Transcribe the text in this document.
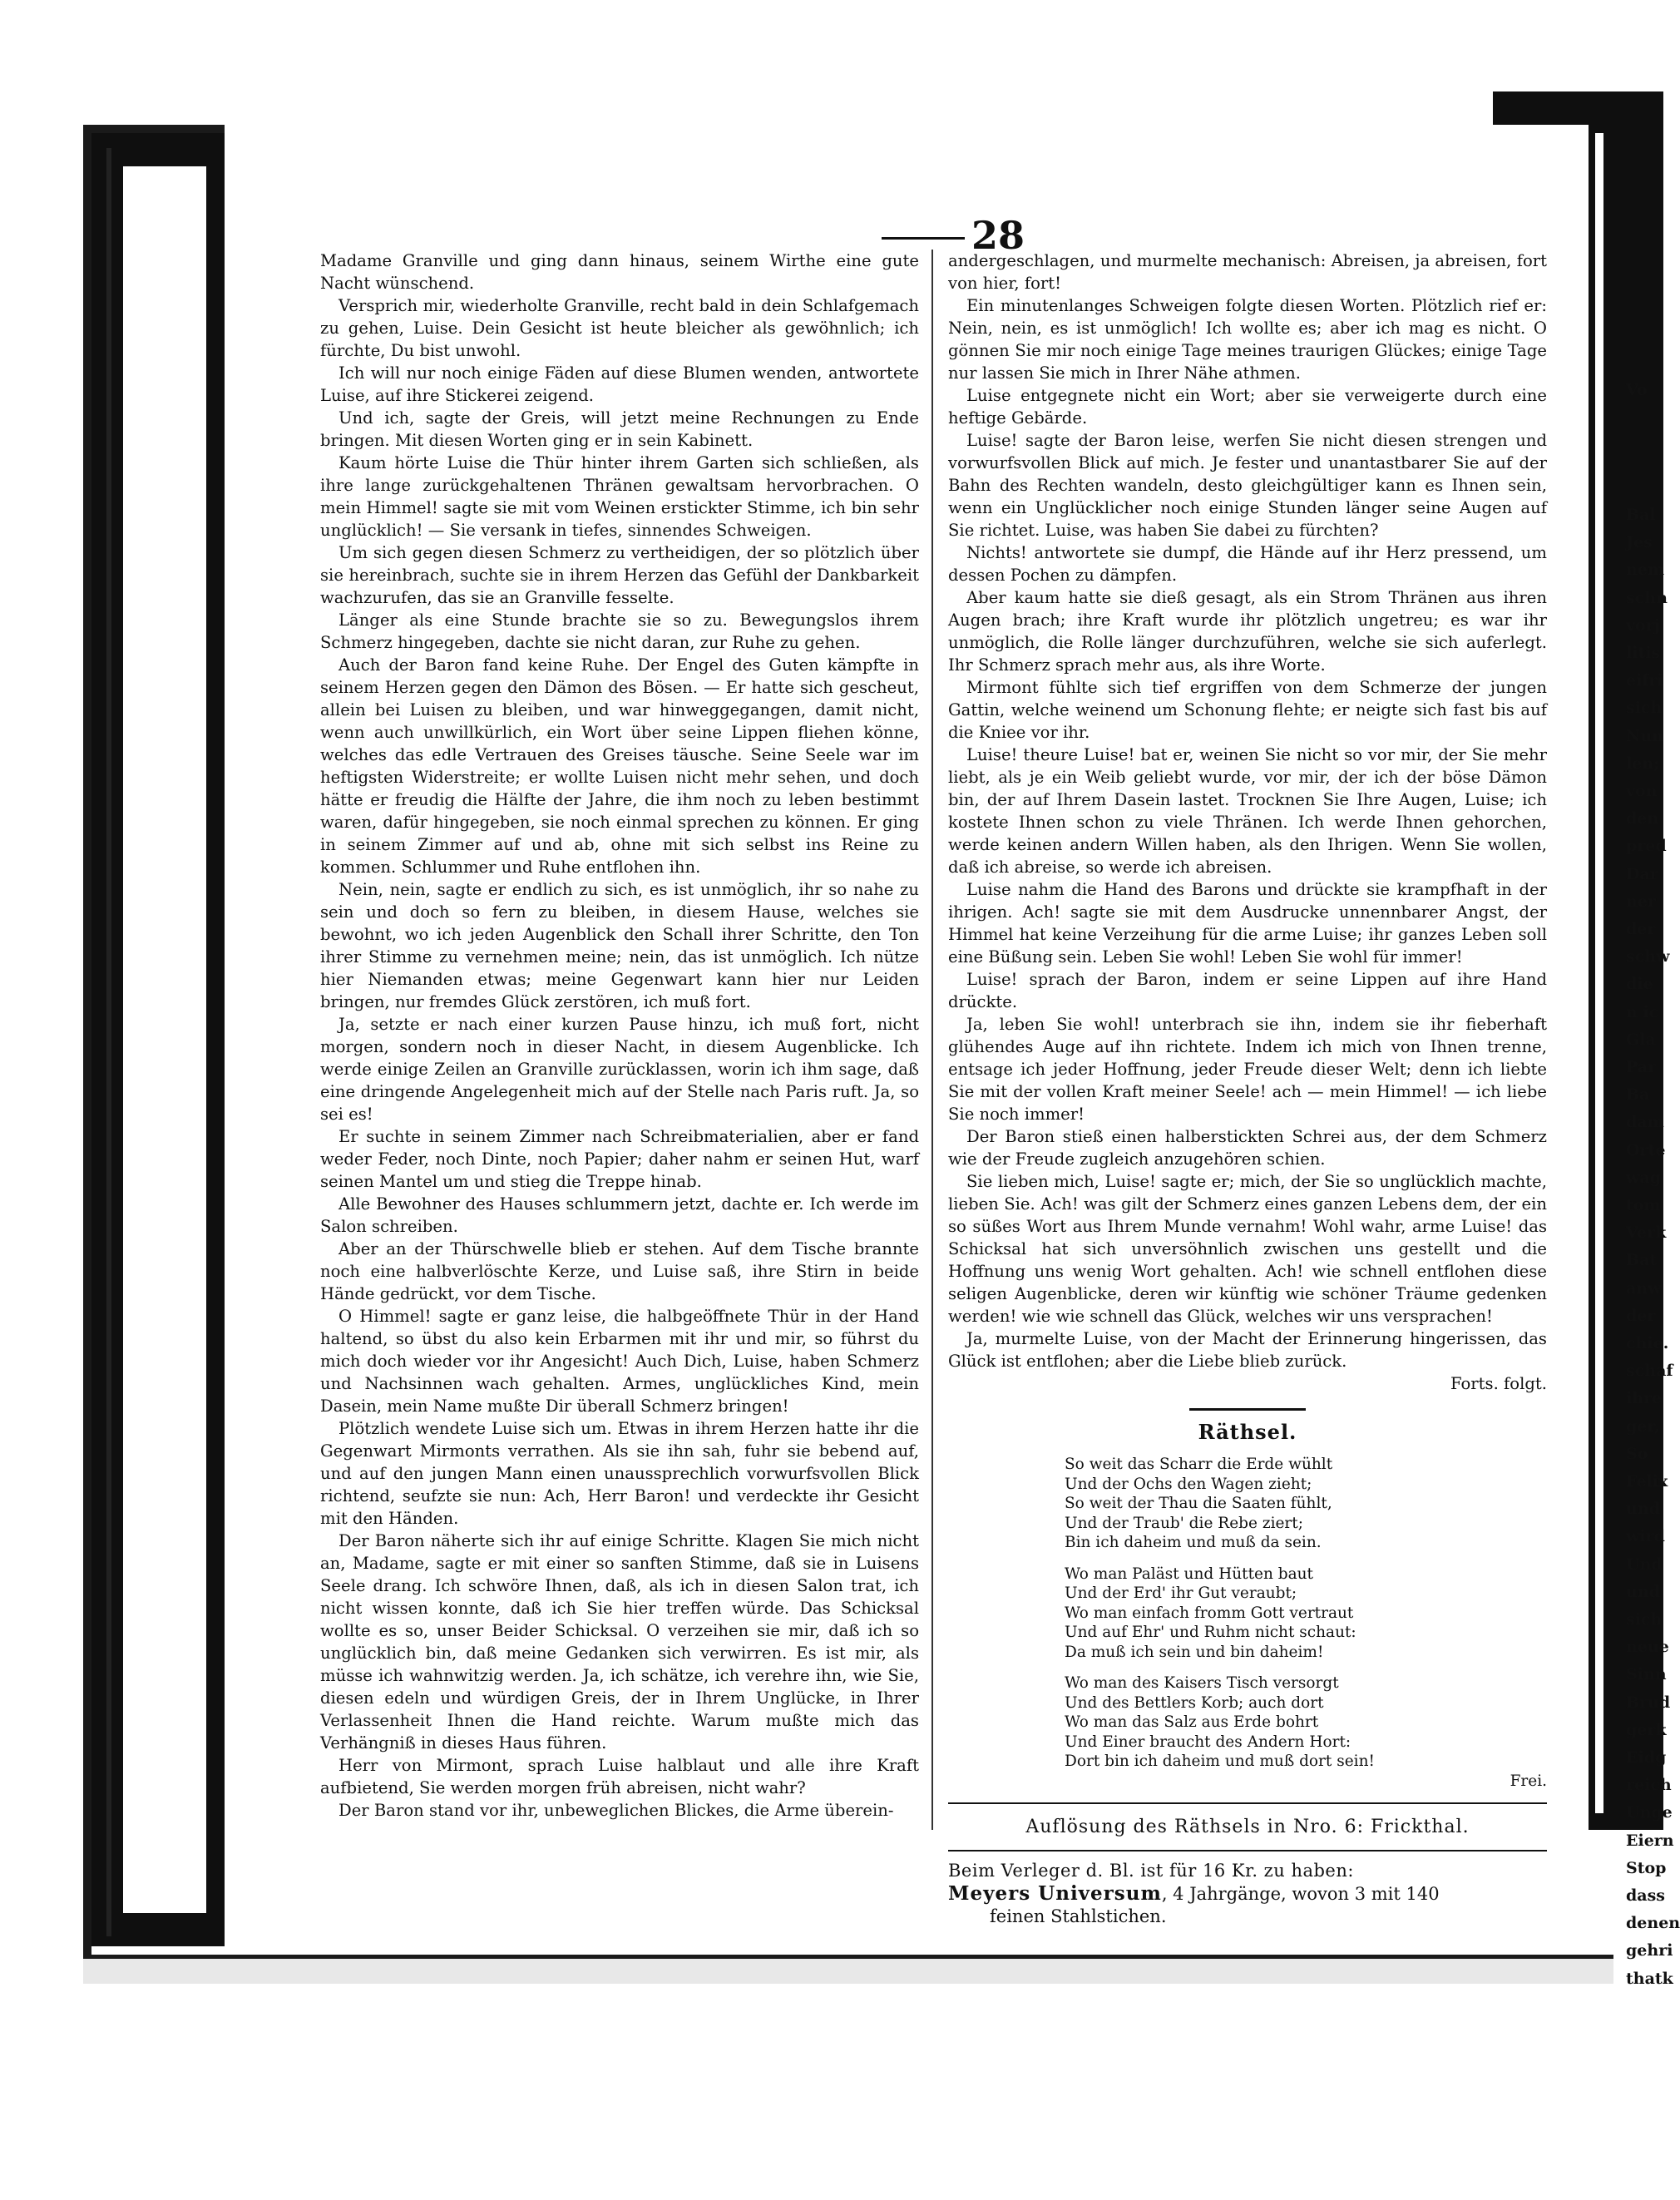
28

Madame Granville und ging dann hinaus, seinem Wirthe eine gute Nacht wünschend.

Versprich mir, wiederholte Granville, recht bald in dein Schlafgemach zu gehen, Luise. Dein Gesicht ist heute bleicher als gewöhnlich; ich fürchte, Du bist unwohl.

Ich will nur noch einige Fäden auf diese Blumen wenden, antwortete Luise, auf ihre Stickerei zeigend.

Und ich, sagte der Greis, will jetzt meine Rechnungen zu Ende bringen. Mit diesen Worten ging er in sein Kabinett.

Kaum hörte Luise die Thür hinter ihrem Garten sich schließen, als ihre lange zurückgehaltenen Thränen gewaltsam hervorbrachen. O mein Himmel! sagte sie mit vom Weinen erstickter Stimme, ich bin sehr unglücklich! — Sie versank in tiefes, sinnendes Schweigen.

Um sich gegen diesen Schmerz zu vertheidigen, der so plötzlich über sie hereinbrach, suchte sie in ihrem Herzen das Gefühl der Dankbarkeit wachzurufen, das sie an Granville fesselte.

Länger als eine Stunde brachte sie so zu. Bewegungslos ihrem Schmerz hingegeben, dachte sie nicht daran, zur Ruhe zu gehen.

Auch der Baron fand keine Ruhe. Der Engel des Guten kämpfte in seinem Herzen gegen den Dämon des Bösen. — Er hatte sich gescheut, allein bei Luisen zu bleiben, und war hinweggegangen, damit nicht, wenn auch unwillkürlich, ein Wort über seine Lippen fliehen könne, welches das edle Vertrauen des Greises täusche. Seine Seele war im heftigsten Widerstreite; er wollte Luisen nicht mehr sehen, und doch hätte er freudig die Hälfte der Jahre, die ihm noch zu leben bestimmt waren, dafür hingegeben, sie noch einmal sprechen zu können. Er ging in seinem Zimmer auf und ab, ohne mit sich selbst ins Reine zu kommen. Schlummer und Ruhe entflohen ihn.

Nein, nein, sagte er endlich zu sich, es ist unmöglich, ihr so nahe zu sein und doch so fern zu bleiben, in diesem Hause, welches sie bewohnt, wo ich jeden Augenblick den Schall ihrer Schritte, den Ton ihrer Stimme zu vernehmen meine; nein, das ist unmöglich. Ich nütze hier Niemanden etwas; meine Gegenwart kann hier nur Leiden bringen, nur fremdes Glück zerstören, ich muß fort.

Ja, setzte er nach einer kurzen Pause hinzu, ich muß fort, nicht morgen, sondern noch in dieser Nacht, in diesem Augenblicke. Ich werde einige Zeilen an Granville zurücklassen, worin ich ihm sage, daß eine dringende Angelegenheit mich auf der Stelle nach Paris ruft. Ja, so sei es!

Er suchte in seinem Zimmer nach Schreibmaterialien, aber er fand weder Feder, noch Dinte, noch Papier; daher nahm er seinen Hut, warf seinen Mantel um und stieg die Treppe hinab.

Alle Bewohner des Hauses schlummern jetzt, dachte er. Ich werde im Salon schreiben.

Aber an der Thürschwelle blieb er stehen. Auf dem Tische brannte noch eine halbverlöschte Kerze, und Luise saß, ihre Stirn in beide Hände gedrückt, vor dem Tische.

O Himmel! sagte er ganz leise, die halbgeöffnete Thür in der Hand haltend, so übst du also kein Erbarmen mit ihr und mir, so führst du mich doch wieder vor ihr Angesicht! Auch Dich, Luise, haben Schmerz und Nachsinnen wach gehalten. Armes, unglückliches Kind, mein Dasein, mein Name mußte Dir überall Schmerz bringen!

Plötzlich wendete Luise sich um. Etwas in ihrem Herzen hatte ihr die Gegenwart Mirmonts verrathen. Als sie ihn sah, fuhr sie bebend auf, und auf den jungen Mann einen unaussprechlich vorwurfsvollen Blick richtend, seufzte sie nun: Ach, Herr Baron! und verdeckte ihr Gesicht mit den Händen.

Der Baron näherte sich ihr auf einige Schritte. Klagen Sie mich nicht an, Madame, sagte er mit einer so sanften Stimme, daß sie in Luisens Seele drang. Ich schwöre Ihnen, daß, als ich in diesen Salon trat, ich nicht wissen konnte, daß ich Sie hier treffen würde. Das Schicksal wollte es so, unser Beider Schicksal. O verzeihen sie mir, daß ich so unglücklich bin, daß meine Gedanken sich verwirren. Es ist mir, als müsse ich wahnwitzig werden. Ja, ich schätze, ich verehre ihn, wie Sie, diesen edeln und würdigen Greis, der in Ihrem Unglücke, in Ihrer Verlassenheit Ihnen die Hand reichte. Warum mußte mich das Verhängniß in dieses Haus führen.

Herr von Mirmont, sprach Luise halblaut und alle ihre Kraft aufbietend, Sie werden morgen früh abreisen, nicht wahr?

Der Baron stand vor ihr, unbeweglichen Blickes, die Arme überein-

andergeschlagen, und murmelte mechanisch: Abreisen, ja abreisen, fort von hier, fort!

Ein minutenlanges Schweigen folgte diesen Worten. Plötzlich rief er: Nein, nein, es ist unmöglich! Ich wollte es; aber ich mag es nicht. O gönnen Sie mir noch einige Tage meines traurigen Glückes; einige Tage nur lassen Sie mich in Ihrer Nähe athmen.

Luise entgegnete nicht ein Wort; aber sie verweigerte durch eine heftige Gebärde.

Luise! sagte der Baron leise, werfen Sie nicht diesen strengen und vorwurfsvollen Blick auf mich. Je fester und unantastbarer Sie auf der Bahn des Rechten wandeln, desto gleichgültiger kann es Ihnen sein, wenn ein Unglücklicher noch einige Stunden länger seine Augen auf Sie richtet. Luise, was haben Sie dabei zu fürchten?

Nichts! antwortete sie dumpf, die Hände auf ihr Herz pressend, um dessen Pochen zu dämpfen.

Aber kaum hatte sie dieß gesagt, als ein Strom Thränen aus ihren Augen brach; ihre Kraft wurde ihr plötzlich ungetreu; es war ihr unmöglich, die Rolle länger durchzuführen, welche sie sich auferlegt. Ihr Schmerz sprach mehr aus, als ihre Worte.

Mirmont fühlte sich tief ergriffen von dem Schmerze der jungen Gattin, welche weinend um Schonung flehte; er neigte sich fast bis auf die Kniee vor ihr.

Luise! theure Luise! bat er, weinen Sie nicht so vor mir, der Sie mehr liebt, als je ein Weib geliebt wurde, vor mir, der ich der böse Dämon bin, der auf Ihrem Dasein lastet. Trocknen Sie Ihre Augen, Luise; ich kostete Ihnen schon zu viele Thränen. Ich werde Ihnen gehorchen, werde keinen andern Willen haben, als den Ihrigen. Wenn Sie wollen, daß ich abreise, so werde ich abreisen.

Luise nahm die Hand des Barons und drückte sie krampfhaft in der ihrigen. Ach! sagte sie mit dem Ausdrucke unnennbarer Angst, der Himmel hat keine Verzeihung für die arme Luise; ihr ganzes Leben soll eine Büßung sein. Leben Sie wohl! Leben Sie wohl für immer!

Luise! sprach der Baron, indem er seine Lippen auf ihre Hand drückte.

Ja, leben Sie wohl! unterbrach sie ihn, indem sie ihr fieberhaft glühendes Auge auf ihn richtete. Indem ich mich von Ihnen trenne, entsage ich jeder Hoffnung, jeder Freude dieser Welt; denn ich liebte Sie mit der vollen Kraft meiner Seele! ach — mein Himmel! — ich liebe Sie noch immer!

Der Baron stieß einen halberstickten Schrei aus, der dem Schmerz wie der Freude zugleich anzugehören schien.

Sie lieben mich, Luise! sagte er; mich, der Sie so unglücklich machte, lieben Sie. Ach! was gilt der Schmerz eines ganzen Lebens dem, der ein so süßes Wort aus Ihrem Munde vernahm! Wohl wahr, arme Luise! das Schicksal hat sich unversöhnlich zwischen uns gestellt und die Hoffnung uns wenig Wort gehalten. Ach! wie schnell entflohen diese seligen Augenblicke, deren wir künftig wie schöner Träume gedenken werden! wie wie schnell das Glück, welches wir uns versprachen!

Ja, murmelte Luise, von der Macht der Erinnerung hingerissen, das Glück ist entflohen; aber die Liebe blieb zurück.

Forts. folgt.

Räthsel.
So weit das Scharr die Erde wühlt
Und der Ochs den Wagen zieht;
So weit der Thau die Saaten fühlt,
Und der Traub' die Rebe ziert;
Bin ich daheim und muß da sein.
Wo man Paläst und Hütten baut
Und der Erd' ihr Gut veraubt;
Wo man einfach fromm Gott vertraut
Und auf Ehr' und Ruhm nicht schaut:
Da muß ich sein und bin daheim!
Wo man des Kaisers Tisch versorgt
Und des Bettlers Korb; auch dort
Wo man das Salz aus Erde bohrt
Und Einer braucht des Andern Hort:
Dort bin ich daheim und muß dort sein!
Frei.
Auflösung des Räthsels in Nro. 6: Frickthal.
Beim Verleger d. Bl. ist für 16 Kr. zu haben:
Meyers Universum, 4 Jahrgänge, wovon 3 mit 140
feinen Stahlstichen.
Vo
Bal
Jes
nem
schn
vorj
litis
eifri
sich
Nun
len;
von
den
pred
Dar
ner
der
schw
die
n ic
Gla
Par
Ba
dam
Orte
wag
tom
Verk
Bat
anw
der
chie.
schaf
ihre
ger,
So
Felix
und
wird
Und
und
sich
neue
Sinn
Brud
gerk
Eidg
reich
Unge
Eiern
Stop
dass
denen
gehri
thatk
